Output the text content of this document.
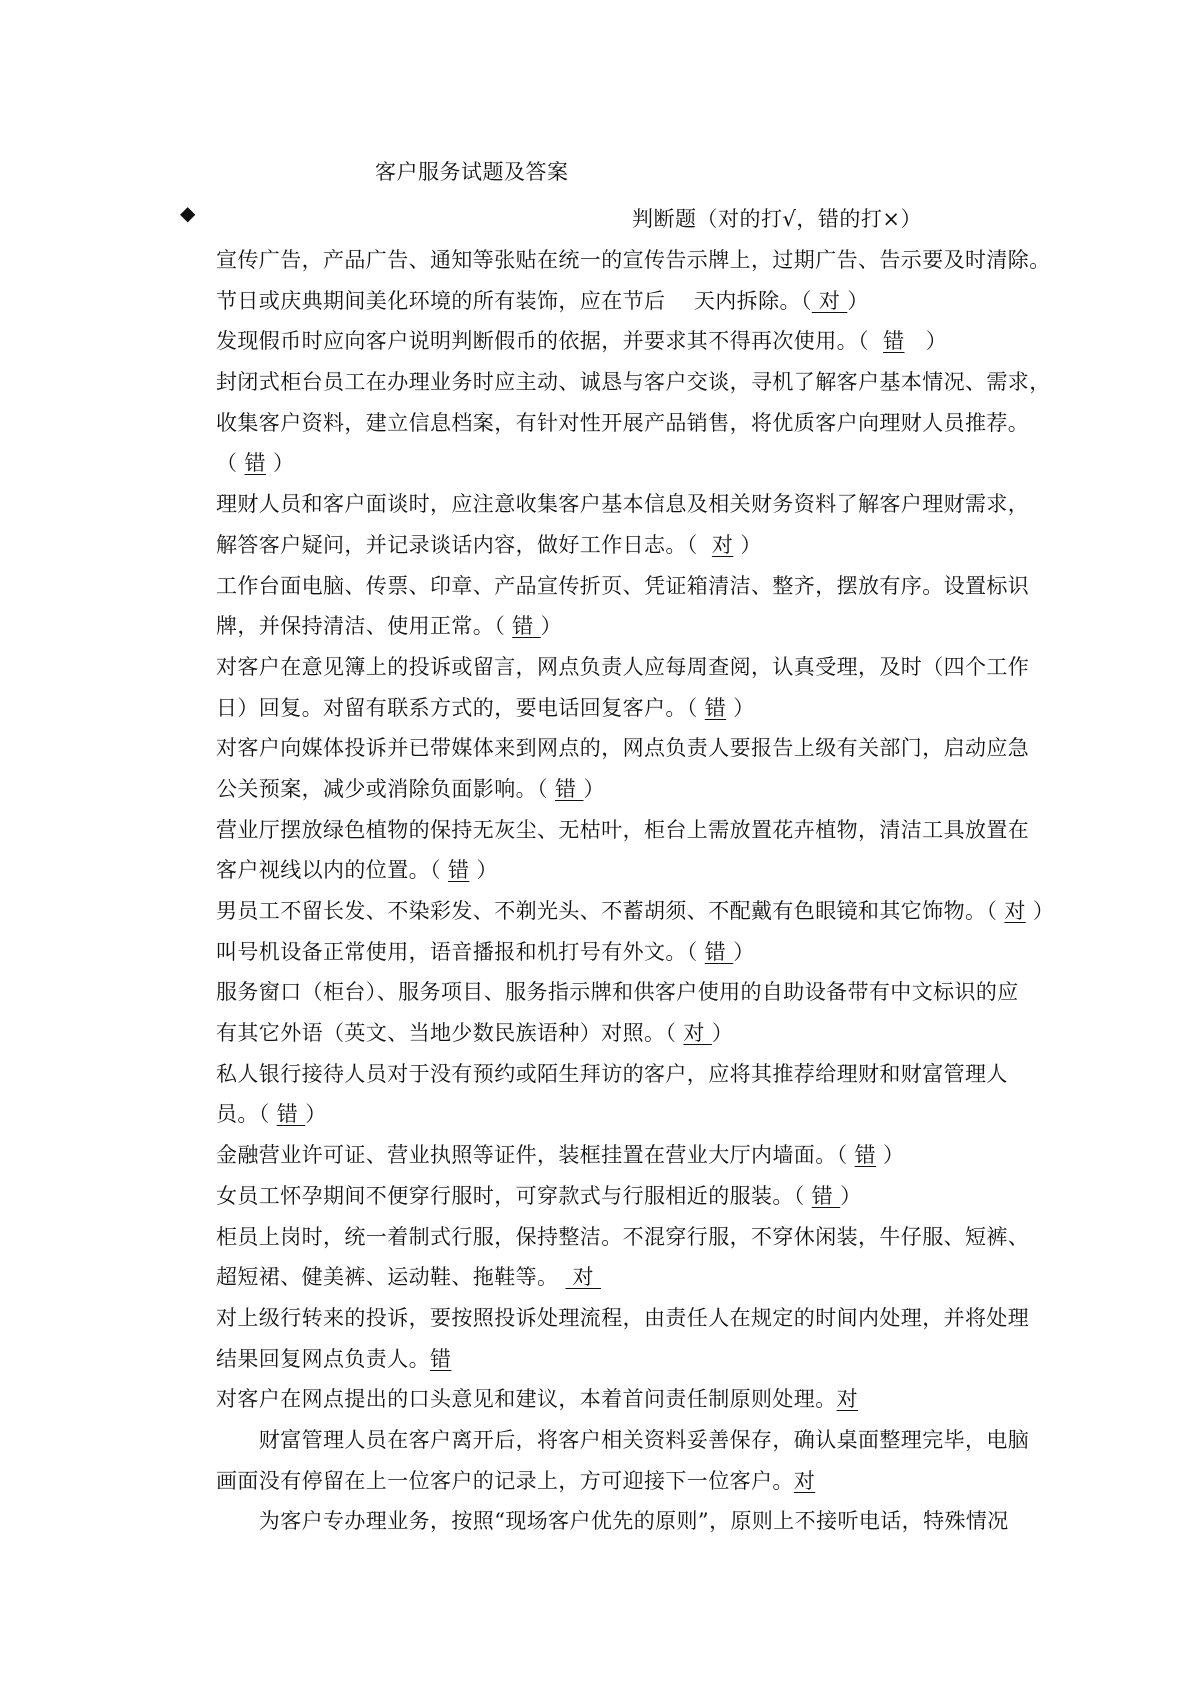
客户服务试题及答案
◆	判断题（对的打√，错的打×）
宣传广告，产品广告、通知等张贴在统一的宣传告示牌上，过期广告、告示要及时清除。
节日或庆典期间美化环境的所有装饰，应在节后　 天内拆除。（ 对 ）
发现假币时应向客户说明判断假币的依据，并要求其不得再次使用。（  错   ）
封闭式柜台员工在办理业务时应主动、诚恳与客户交谈，寻机了解客户基本情况、需求，
收集客户资料，建立信息档案，有针对性开展产品销售，将优质客户向理财人员推荐。
（ 错 ）
理财人员和客户面谈时，应注意收集客户基本信息及相关财务资料了解客户理财需求，
解答客户疑问，并记录谈话内容，做好工作日志。（  对 ）
工作台面电脑、传票、印章、产品宣传折页、凭证箱清洁、整齐，摆放有序。设置标识
牌，并保持清洁、使用正常。（ 错 ）
对客户在意见簿上的投诉或留言，网点负责人应每周查阅，认真受理，及时（四个工作
日）回复。对留有联系方式的，要电话回复客户。（ 错 ）
对客户向媒体投诉并已带媒体来到网点的，网点负责人要报告上级有关部门，启动应急
公关预案，减少或消除负面影响。（ 错 ）
营业厅摆放绿色植物的保持无灰尘、无枯叶，柜台上需放置花卉植物，清洁工具放置在
客户视线以内的位置。（ 错 ）
男员工不留长发、不染彩发、不剃光头、不蓄胡须、不配戴有色眼镜和其它饰物。（ 对 ）
叫号机设备正常使用，语音播报和机打号有外文。（ 错 ）
服务窗口（柜台）、服务项目、服务指示牌和供客户使用的自助设备带有中文标识的应
有其它外语（英文、当地少数民族语种）对照。（ 对 ）
私人银行接待人员对于没有预约或陌生拜访的客户，应将其推荐给理财和财富管理人
员。（ 错 ）
金融营业许可证、营业执照等证件，装框挂置在营业大厅内墙面。（ 错 ）
女员工怀孕期间不便穿行服时，可穿款式与行服相近的服装。（ 错 ）
柜员上岗时，统一着制式行服，保持整洁。不混穿行服，不穿休闲装，牛仔服、短裤、
超短裙、健美裤、运动鞋、拖鞋等。  对
对上级行转来的投诉，要按照投诉处理流程，由责任人在规定的时间内处理，并将处理
结果回复网点负责人。错
对客户在网点提出的口头意见和建议，本着首问责任制原则处理。对
　　财富管理人员在客户离开后，将客户相关资料妥善保存，确认桌面整理完毕，电脑
画面没有停留在上一位客户的记录上，方可迎接下一位客户。对
　　为客户专办理业务，按照“现场客户优先的原则”，原则上不接听电话，特殊情况
